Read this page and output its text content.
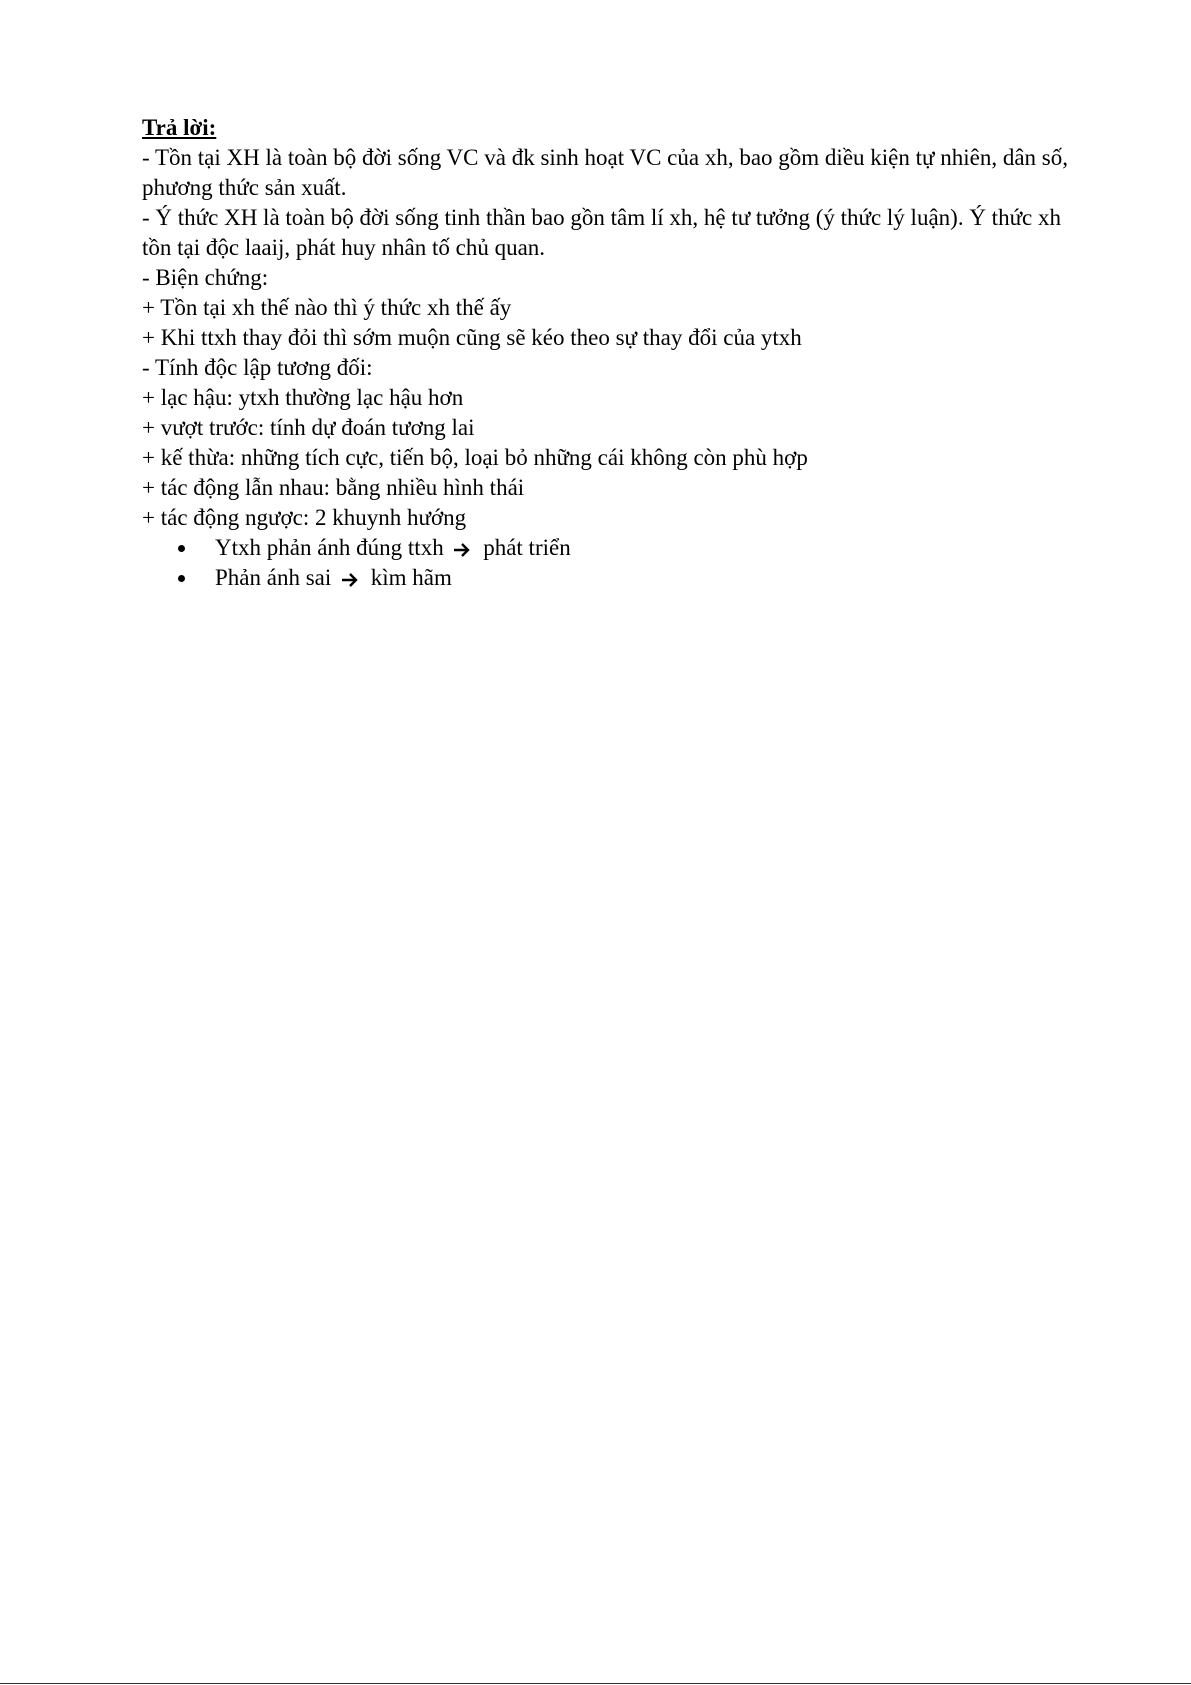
Trả lời:

- Tồn tại XH là toàn bộ đời sống VC và đk sinh hoạt VC của xh, bao gồm diều kiện tự nhiên, dân số, phương thức sản xuất.

- Ý thức XH là toàn bộ đời sống tinh thần bao gồn tâm lí xh, hệ tư tưởng (ý thức lý luận). Ý thức xh tồn tại độc laaij, phát huy nhân tố chủ quan.

- Biện chứng:

+ Tồn tại xh thế nào thì ý thức xh thế ấy

+ Khi ttxh thay đỏi thì sớm muộn cũng sẽ kéo theo sự thay đổi của ytxh

- Tính độc lập tương đối:

+ lạc hậu: ytxh thường lạc hậu hơn

+ vượt trước: tính dự đoán tương lai

+ kế thừa: những tích cực, tiến bộ, loại bỏ những cái không còn phù hợp

+ tác động lẫn nhau: bằng nhiều hình thái

+ tác động ngược: 2 khuynh hướng

Ytxh phản ánh đúng ttxh phát triển
Phản ánh sai kìm hãm
